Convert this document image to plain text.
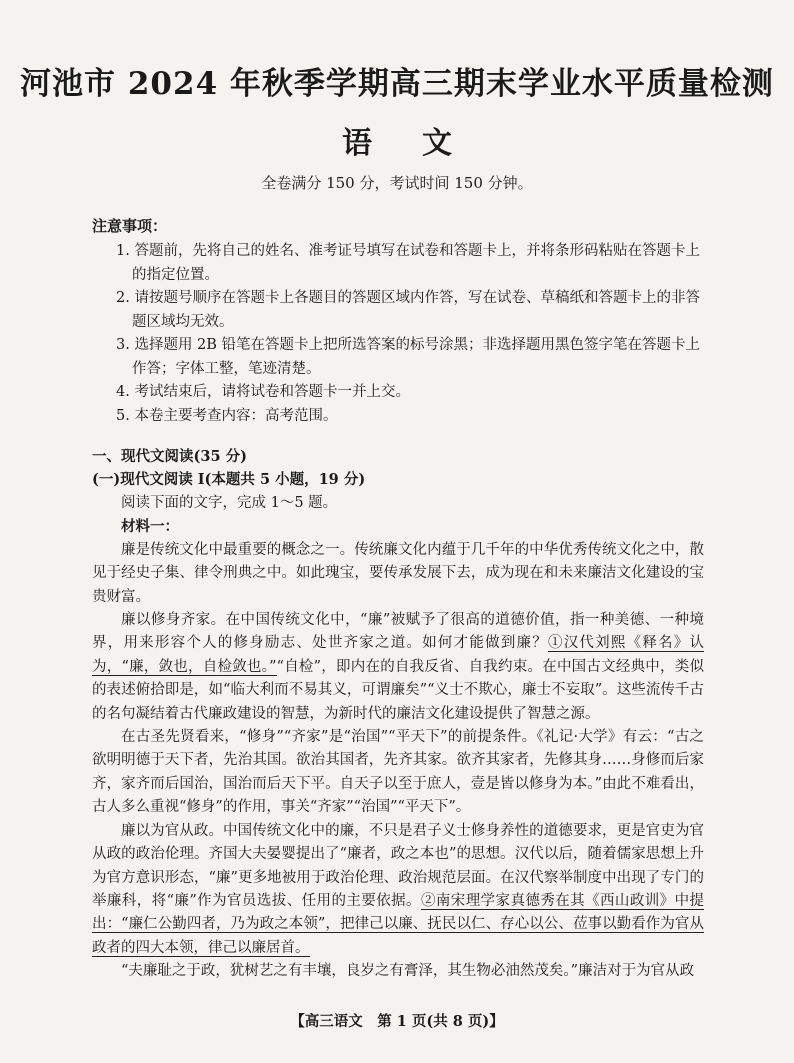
河池市 2024 年秋季学期高三期末学业水平质量检测
语文
全卷满分 150 分，考试时间 150 分钟。
注意事项：
1. 答题前，先将自己的姓名、准考证号填写在试卷和答题卡上，并将条形码粘贴在答题卡上的指定位置。
2. 请按题号顺序在答题卡上各题目的答题区域内作答，写在试卷、草稿纸和答题卡上的非答题区域均无效。
3. 选择题用 2B 铅笔在答题卡上把所选答案的标号涂黑；非选择题用黑色签字笔在答题卡上作答；字体工整，笔迹清楚。
4. 考试结束后，请将试卷和答题卡一并上交。
5. 本卷主要考查内容：高考范围。
一、现代文阅读(35 分)
(一)现代文阅读 Ⅰ(本题共 5 小题，19 分)

阅读下面的文字，完成 1～5 题。

材料一：

廉是传统文化中最重要的概念之一。传统廉文化内蕴于几千年的中华优秀传统文化之中，散见于经史子集、律令刑典之中。如此瑰宝，要传承发展下去，成为现在和未来廉洁文化建设的宝贵财富。

廉以修身齐家。在中国传统文化中，“廉”被赋予了很高的道德价值，指一种美德、一种境界，用来形容个人的修身励志、处世齐家之道。如何才能做到廉？①汉代刘熙《释名》认为，“廉，敛也，自检敛也。”“自检”，即内在的自我反省、自我约束。在中国古文经典中，类似的表述俯拾即是，如“临大利而不易其义，可谓廉矣”“义士不欺心，廉士不妄取”。这些流传千古的名句凝结着古代廉政建设的智慧，为新时代的廉洁文化建设提供了智慧之源。

在古圣先贤看来，“修身”“齐家”是“治国”“平天下”的前提条件。《礼记·大学》有云：“古之欲明明德于天下者，先治其国。欲治其国者，先齐其家。欲齐其家者，先修其身……身修而后家齐，家齐而后国治，国治而后天下平。自天子以至于庶人，壹是皆以修身为本。”由此不难看出，古人多么重视“修身”的作用，事关“齐家”“治国”“平天下”。

廉以为官从政。中国传统文化中的廉，不只是君子义士修身养性的道德要求，更是官吏为官从政的政治伦理。齐国大夫晏婴提出了“廉者，政之本也”的思想。汉代以后，随着儒家思想上升为官方意识形态，“廉”更多地被用于政治伦理、政治规范层面。在汉代察举制度中出现了专门的举廉科，将“廉”作为官员选拔、任用的主要依据。②南宋理学家真德秀在其《西山政训》中提出：“廉仁公勤四者，乃为政之本领”，把律己以廉、抚民以仁、存心以公、莅事以勤看作为官从政者的四大本领，律己以廉居首。

“夫廉耻之于政，犹树艺之有丰壤，良岁之有膏泽，其生物必油然茂矣。”廉洁对于为官从政

【高三语文　第 1 页(共 8 页)】
